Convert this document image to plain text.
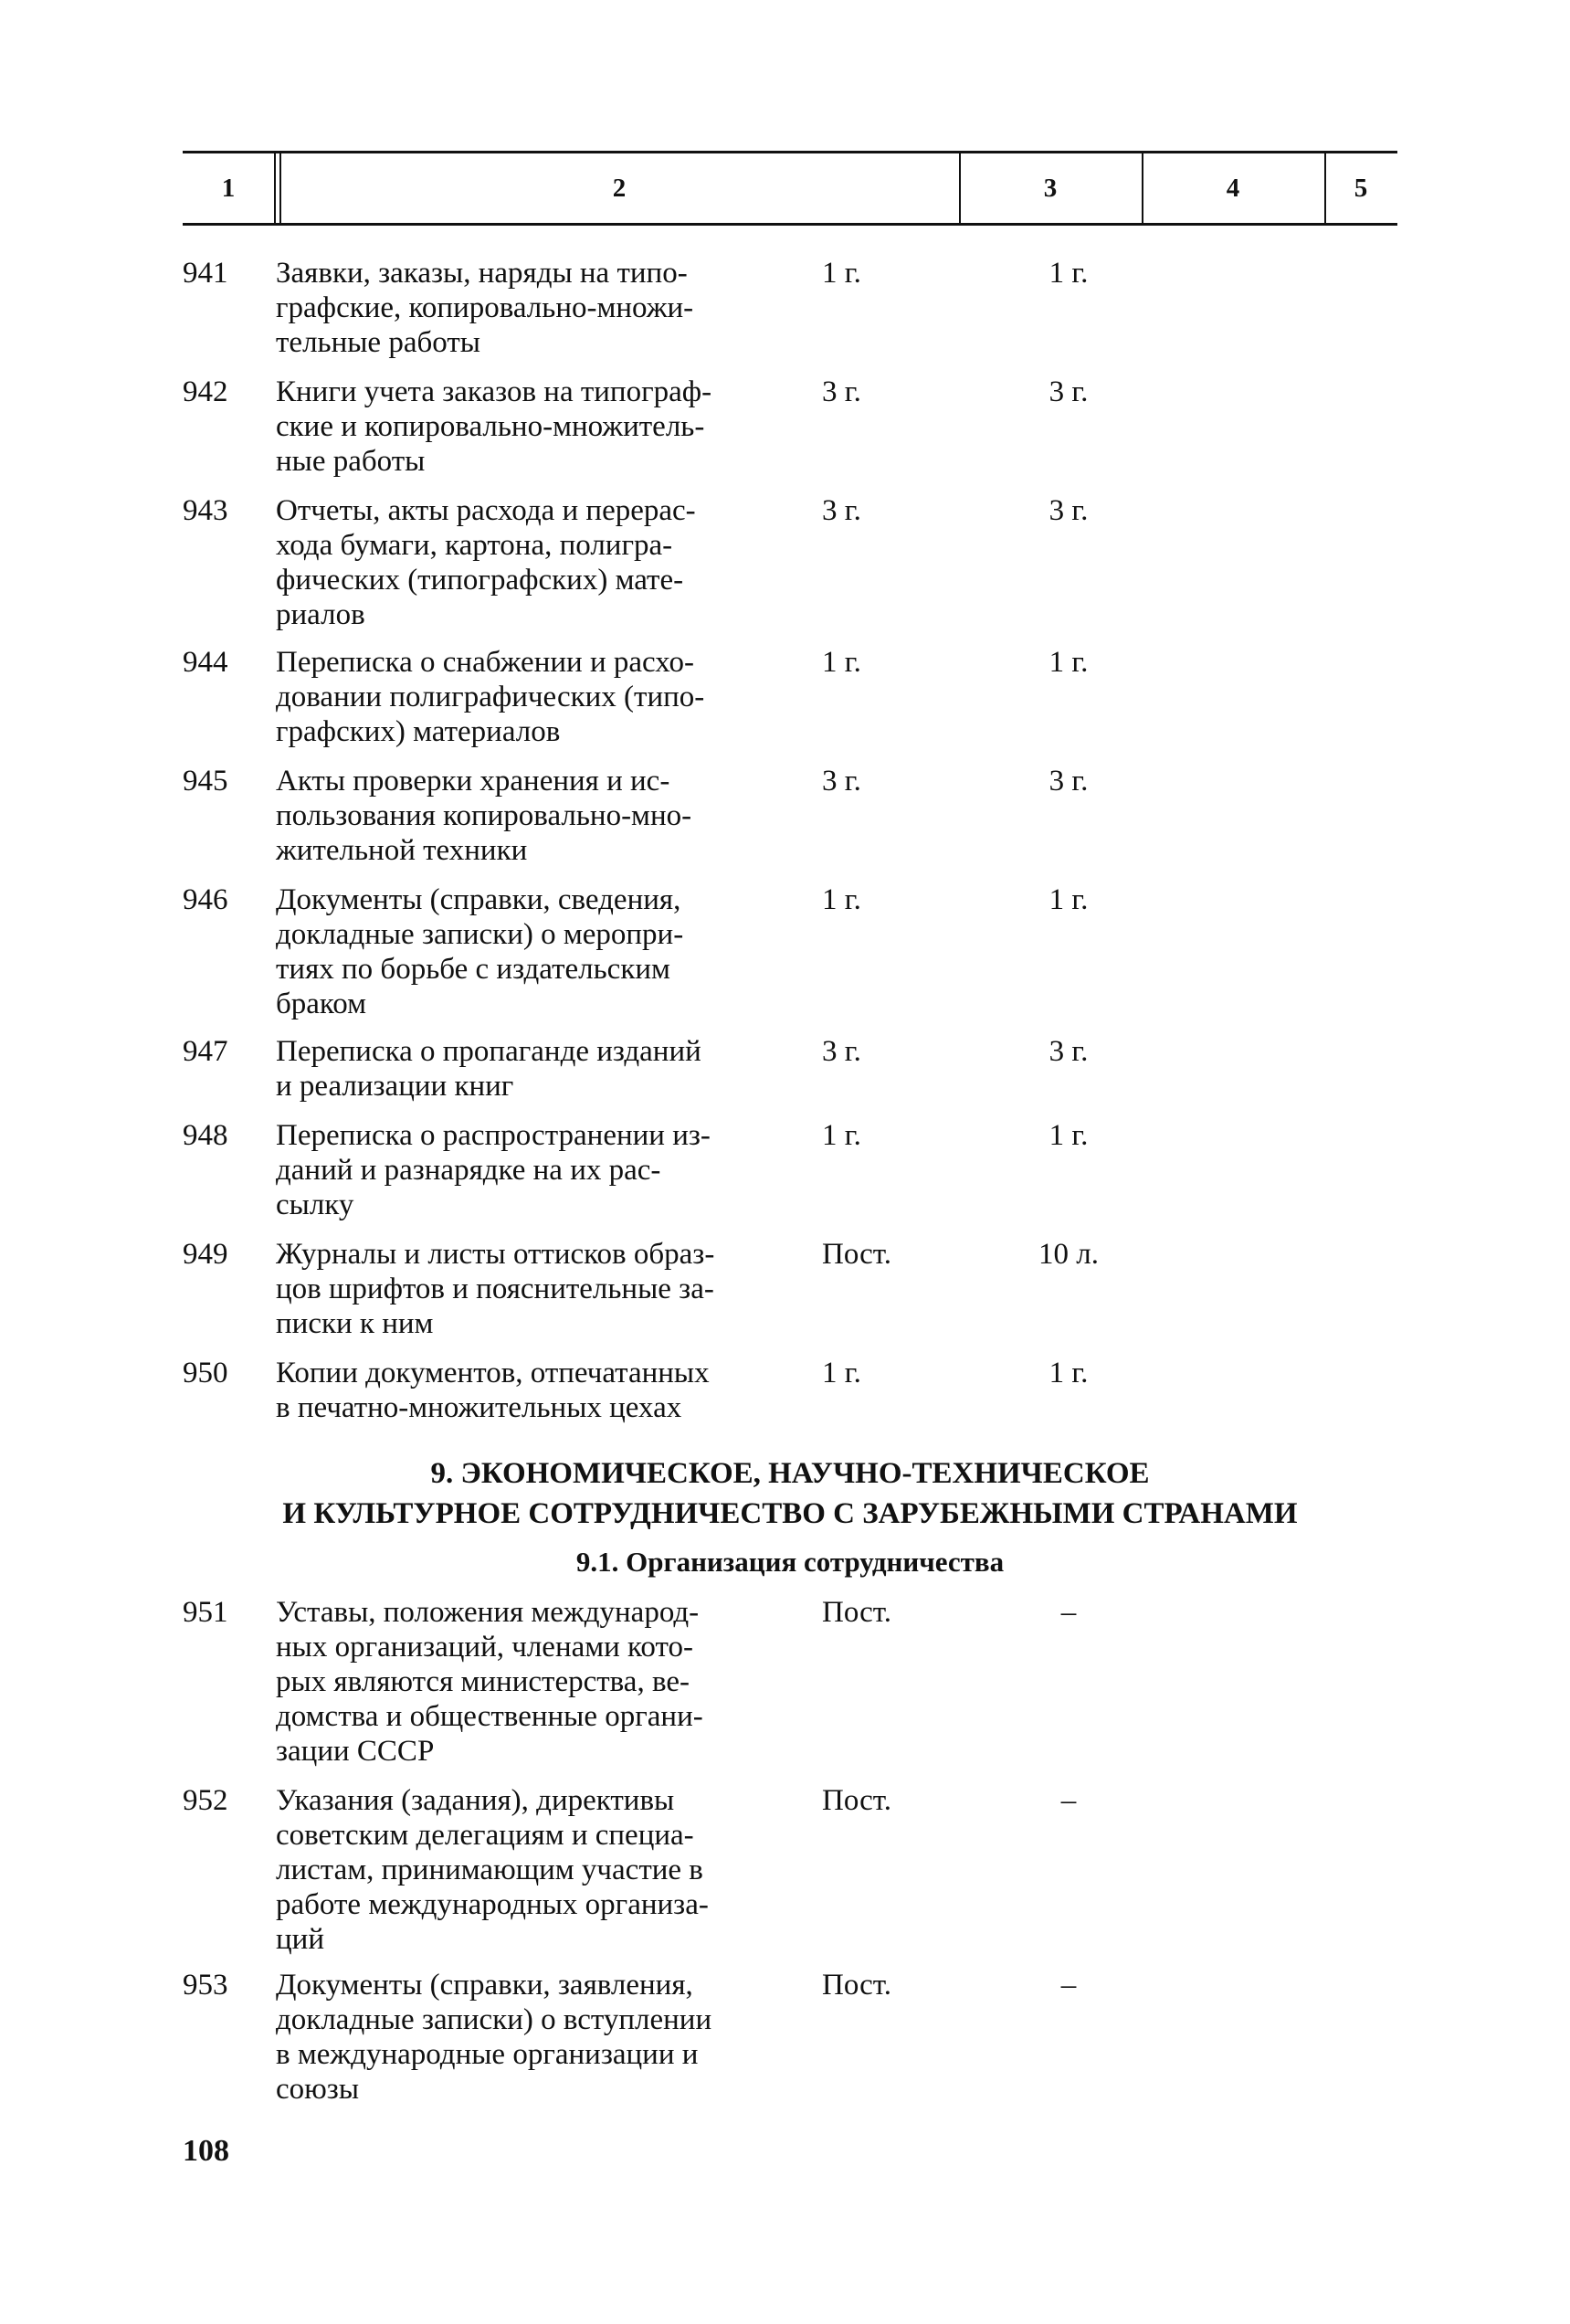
1	2	3	4	5
941	Заявки, заказы, наряды на типо-
графские, копировально-множи-
тельные работы
1 г.	1 г.
942	Книги учета заказов на типограф-
ские и копировально-множитель-
ные работы
3 г.	3 г.
943	Отчеты, акты расхода и перерас-
хода бумаги, картона, полигра-
фических (типографских) мате-
риалов
3 г.	3 г.
944	Переписка о снабжении и расхо-
довании полиграфических (типо-
графских) материалов
1 г.	1 г.
945	Акты проверки хранения и ис-
пользования копировально-мно-
жительной техники
3 г.	3 г.
946	Документы (справки, сведения,
докладные записки) о меропри-
тиях по борьбе с издательским
браком
1 г.	1 г.
947	Переписка о пропаганде изданий
и реализации книг
3 г.	3 г.
948	Переписка о распространении из-
даний и разнарядке на их рас-
сылку
1 г.	1 г.
949	Журналы и листы оттисков образ-
цов шрифтов и пояснительные за-
писки к ним
Пост.	10 л.
950	Копии документов, отпечатанных
в печатно-множительных цехах
1 г.	1 г.
9. ЭКОНОМИЧЕСКОЕ, НАУЧНО-ТЕХНИЧЕСКОЕ
И КУЛЬТУРНОЕ СОТРУДНИЧЕСТВО С ЗАРУБЕЖНЫМИ СТРАНАМИ
9.1. Организация сотрудничества
951	Уставы, положения международ-
ных организаций, членами кото-
рых являются министерства, ве-
домства и общественные органи-
зации СССР
Пост.	–
952	Указания (задания), директивы
советским делегациям и специа-
листам, принимающим участие в
работе международных организа-
ций
Пост.	–
953	Документы (справки, заявления,
докладные записки) о вступлении
в международные организации и
союзы
Пост.	–
108
